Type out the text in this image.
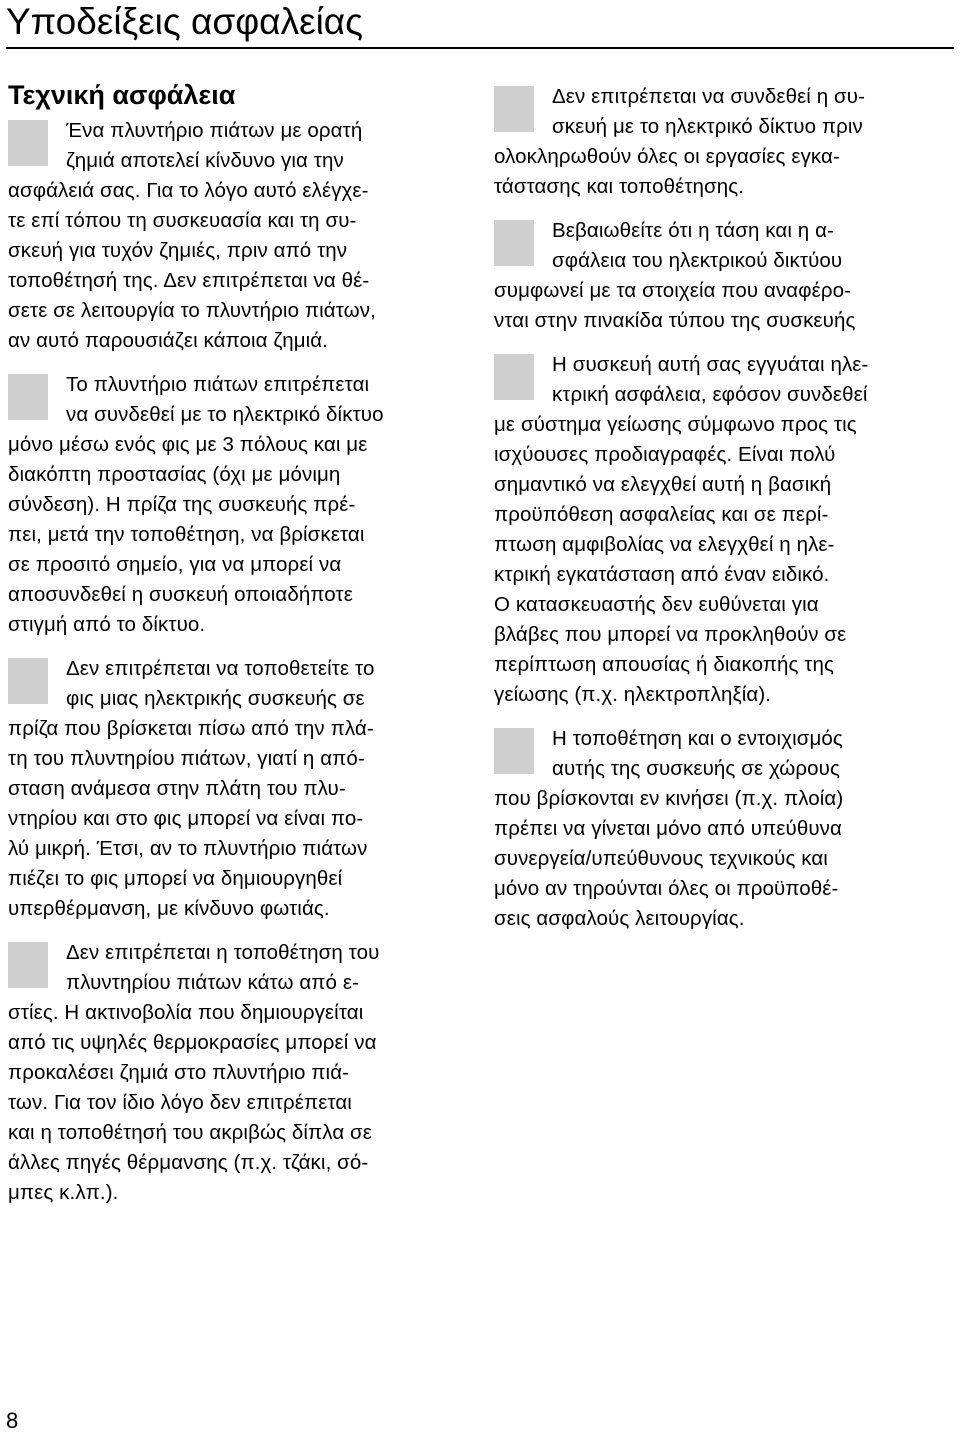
Υποδείξεις ασφαλείας
Τεχνική ασφάλεια
Ένα πλυντήριο πιάτων με ορατή
ζημιά αποτελεί κίνδυνο για την
ασφάλειά σας. Για το λόγο αυτό ελέγχε-
τε επί τόπου τη συσκευασία και τη συ-
σκευή για τυχόν ζημιές, πριν από την
τοποθέτησή της. Δεν επιτρέπεται να θέ-
σετε σε λειτουργία το πλυντήριο πιάτων,
αν αυτό παρουσιάζει κάποια ζημιά.
Το πλυντήριο πιάτων επιτρέπεται
να συνδεθεί με το ηλεκτρικό δίκτυο
μόνο μέσω ενός φις με 3 πόλους και με
διακόπτη προστασίας (όχι με μόνιμη
σύνδεση). Η πρίζα της συσκευής πρέ-
πει, μετά την τοποθέτηση, να βρίσκεται
σε προσιτό σημείο, για να μπορεί να
αποσυνδεθεί η συσκευή οποιαδήποτε
στιγμή από το δίκτυο.
Δεν επιτρέπεται να τοποθετείτε το
φις μιας ηλεκτρικής συσκευής σε
πρίζα που βρίσκεται πίσω από την πλά-
τη του πλυντηρίου πιάτων, γιατί η απó-
σταση ανάμεσα στην πλάτη του πλυ-
ντηρίου και στο φις μπορεί να είναι πο-
λύ μικρή. Έτσι, αν το πλυντήριο πιάτων
πιέζει το φις μπορεί να δημιουργηθεί
υπερθέρμανση, με κίνδυνο φωτιάς.
Δεν επιτρέπεται η τοποθέτηση του
πλυντηρίου πιάτων κάτω από ε-
στίες. Η ακτινοβολία που δημιουργείται
από τις υψηλές θερμοκρασίες μπορεί να
προκαλέσει ζημιά στο πλυντήριο πιά-
των. Για τον ίδιο λόγο δεν επιτρέπεται
και η τοποθέτησή του ακριβώς δίπλα σε
άλλες πηγές θέρμανσης (π.χ. τζάκι, σό-
μπες κ.λπ.).
Δεν επιτρέπεται να συνδεθεί η συ-
σκευή με το ηλεκτρικό δίκτυο πριν
ολοκληρωθούν όλες οι εργασίες εγκα-
τάστασης και τοποθέτησης.
Βεβαιωθείτε ότι η τάση και η α-
σφάλεια του ηλεκτρικού δικτύου
συμφωνεί με τα στοιχεία που αναφέρο-
νται στην πινακίδα τύπου της συσκευής
Η συσκευή αυτή σας εγγυάται ηλε-
κτρική ασφάλεια, εφόσον συνδεθεί
με σύστημα γείωσης σύμφωνο προς τις
ισχύουσες προδιαγραφές. Είναι πολύ
σημαντικό να ελεγχθεί αυτή η βασική
προϋπόθεση ασφαλείας και σε περί-
πτωση αμφιβολίας να ελεγχθεί η ηλε-
κτρική εγκατάσταση από έναν ειδικό.
Ο κατασκευαστής δεν ευθύνεται για
βλάβες που μπορεί να προκληθούν σε
περίπτωση απουσίας ή διακοπής της
γείωσης (π.χ. ηλεκτροπληξία).
Η τοποθέτηση και ο εντοιχισμός
αυτής της συσκευής σε χώρους
που βρίσκονται εν κινήσει (π.χ. πλοία)
πρέπει να γίνεται μόνο από υπεύθυνα
συνεργεία/υπεύθυνους τεχνικούς και
μόνο αν τηρούνται όλες οι προϋποθέ-
σεις ασφαλούς λειτουργίας.
8
